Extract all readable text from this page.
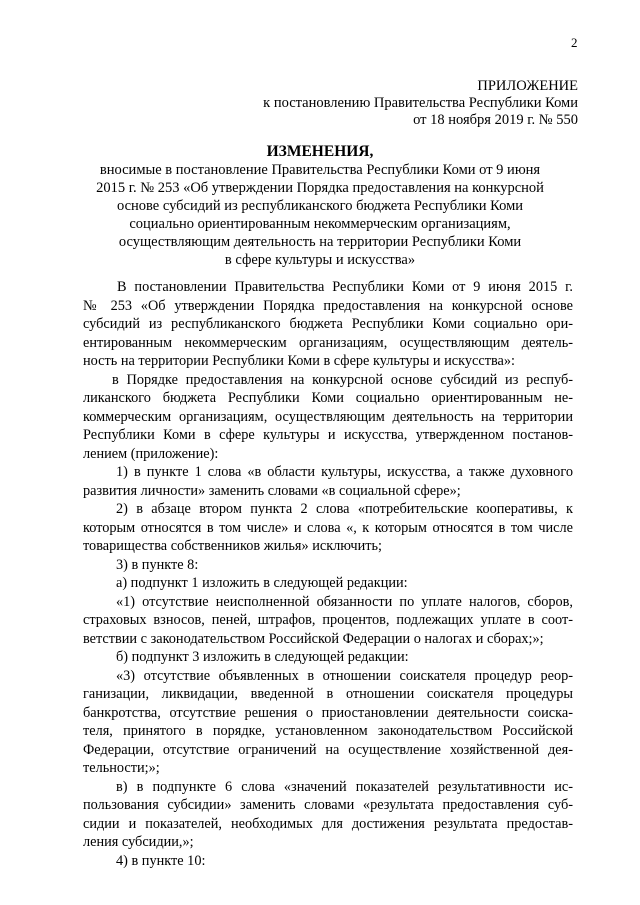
2
ПРИЛОЖЕНИЕ
к постановлению Правительства Республики Коми
от 18 ноября 2019 г. № 550
ИЗМЕНЕНИЯ,
вносимые в постановление Правительства Республики Коми от 9 июня
2015 г. № 253 «Об утверждении Порядка предоставления на конкурсной
основе субсидий из республиканского бюджета Республики Коми
социально ориентированным некоммерческим организациям,
осуществляющим деятельность на территории Республики Коми
в сфере культуры и искусства»
В постановлении Правительства Республики Коми от 9 июня 2015 г.
№ 253 «Об утверждении Порядка предоставления на конкурсной основе
субсидий из республиканского бюджета Республики Коми социально ори-
ентированным некоммерческим организациям, осуществляющим деятель-
ность на территории Республики Коми в сфере культуры и искусства»:
в Порядке предоставления на конкурсной основе субсидий из респуб-
ликанского бюджета Республики Коми социально ориентированным не-
коммерческим организациям, осуществляющим деятельность на территории
Республики Коми в сфере культуры и искусства, утвержденном постанов-
лением (приложение):
1) в пункте 1 слова «в области культуры, искусства, а также духовного
развития личности» заменить словами «в социальной сфере»;
2) в абзаце втором пункта 2 слова «потребительские кооперативы, к
которым относятся в том числе» и слова «, к которым относятся в том числе
товарищества собственников жилья» исключить;
3) в пункте 8:
а) подпункт 1 изложить в следующей редакции:
«1) отсутствие неисполненной обязанности по уплате налогов, сборов,
страховых взносов, пеней, штрафов, процентов, подлежащих уплате в соот-
ветствии с законодательством Российской Федерации о налогах и сборах;»;
б) подпункт 3 изложить в следующей редакции:
«3) отсутствие объявленных в отношении соискателя процедур реор-
ганизации, ликвидации, введенной в отношении соискателя процедуры
банкротства, отсутствие решения о приостановлении деятельности соиска-
теля, принятого в порядке, установленном законодательством Российской
Федерации, отсутствие ограничений на осуществление хозяйственной дея-
тельности;»;
в) в подпункте 6 слова «значений показателей результативности ис-
пользования субсидии» заменить словами «результата предоставления суб-
сидии и показателей, необходимых для достижения результата предостав-
ления субсидии,»;
4) в пункте 10:
